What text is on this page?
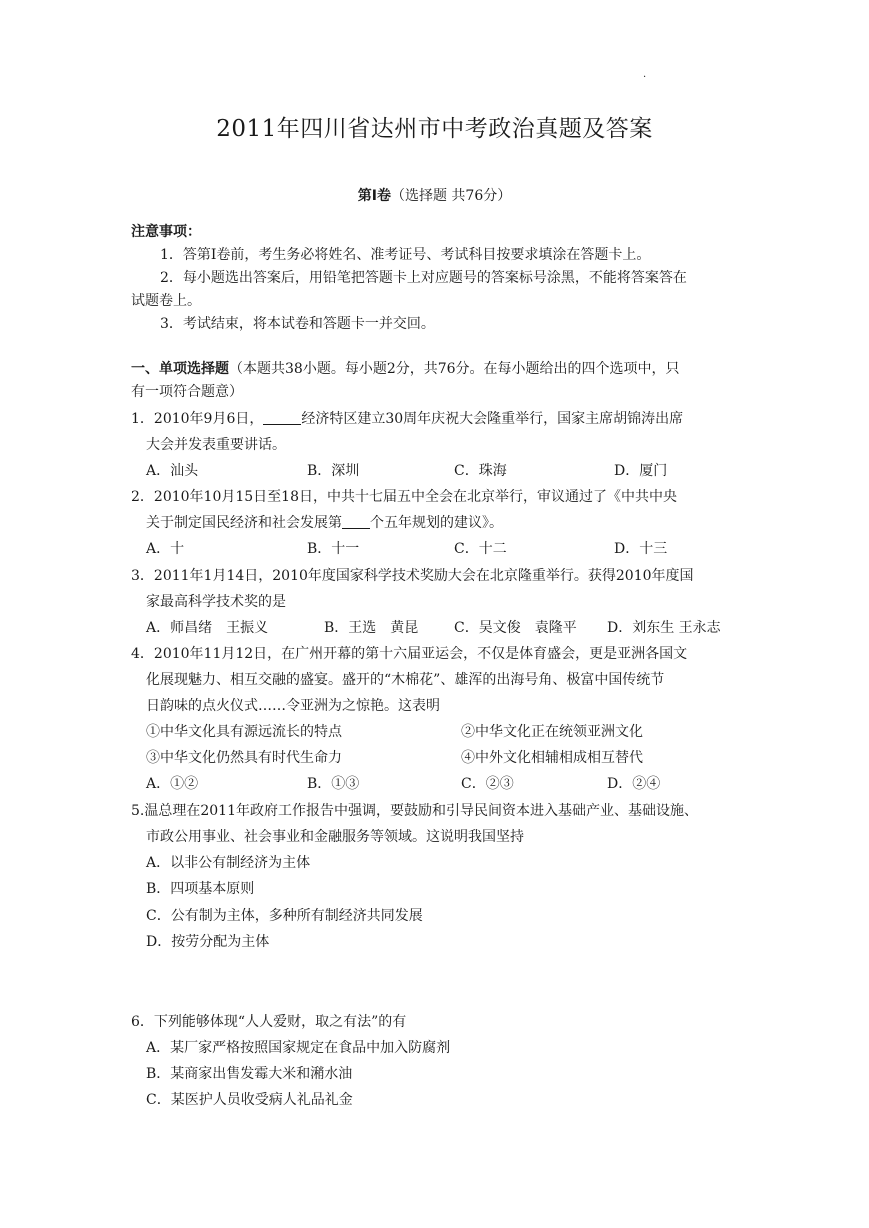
.
2011年四川省达州市中考政治真题及答案
第Ⅰ卷（选择题 共76分）
注意事项：
1．答第Ⅰ卷前，考生务必将姓名、准考证号、考试科目按要求填涂在答题卡上。
2．每小题选出答案后，用铅笔把答题卡上对应题号的答案标号涂黑，不能将答案答在
试题卷上。
3．考试结束，将本试卷和答题卡一并交回。
一、单项选择题（本题共38小题。每小题2分，共76分。在每小题给出的四个选项中，只
有一项符合题意）
1．2010年9月6日，	经济特区建立30周年庆祝大会隆重举行，国家主席胡锦涛出席
大会并发表重要讲话。
A．汕头	B．深圳	C．珠海	D．厦门
2．2010年10月15日至18日，中共十七届五中全会在北京举行，审议通过了《中共中央
关于制定国民经济和社会发展第 个五年规划的建议》。
A．十	B．十一	C．十二	D．十三
3．2011年1月14日，2010年度国家科学技术奖励大会在北京隆重举行。获得2010年度国
家最高科学技术奖的是
A．师昌绪　王振义	B．王选　黄昆	C．吴文俊　袁隆平 D．刘东生 王永志
4．2010年11月12日，在广州开幕的第十六届亚运会，不仅是体育盛会，更是亚洲各国文
化展现魅力、相互交融的盛宴。盛开的“木棉花”、雄浑的出海号角、极富中国传统节
日韵味的点火仪式……令亚洲为之惊艳。这表明
①中华文化具有源远流长的特点	②中华文化正在统领亚洲文化
③中华文化仍然具有时代生命力	④中外文化相辅相成相互替代
A．①②	B．①③	C．②③	D．②④
5.温总理在2011年政府工作报告中强调，要鼓励和引导民间资本进入基础产业、基础设施、
市政公用事业、社会事业和金融服务等领域。这说明我国坚持
A．以非公有制经济为主体
B．四项基本原则
C．公有制为主体，多种所有制经济共同发展
D．按劳分配为主体
6．下列能够体现“人人爱财，取之有法”的有
A．某厂家严格按照国家规定在食品中加入防腐剂
B．某商家出售发霉大米和潲水油
C．某医护人员收受病人礼品礼金
